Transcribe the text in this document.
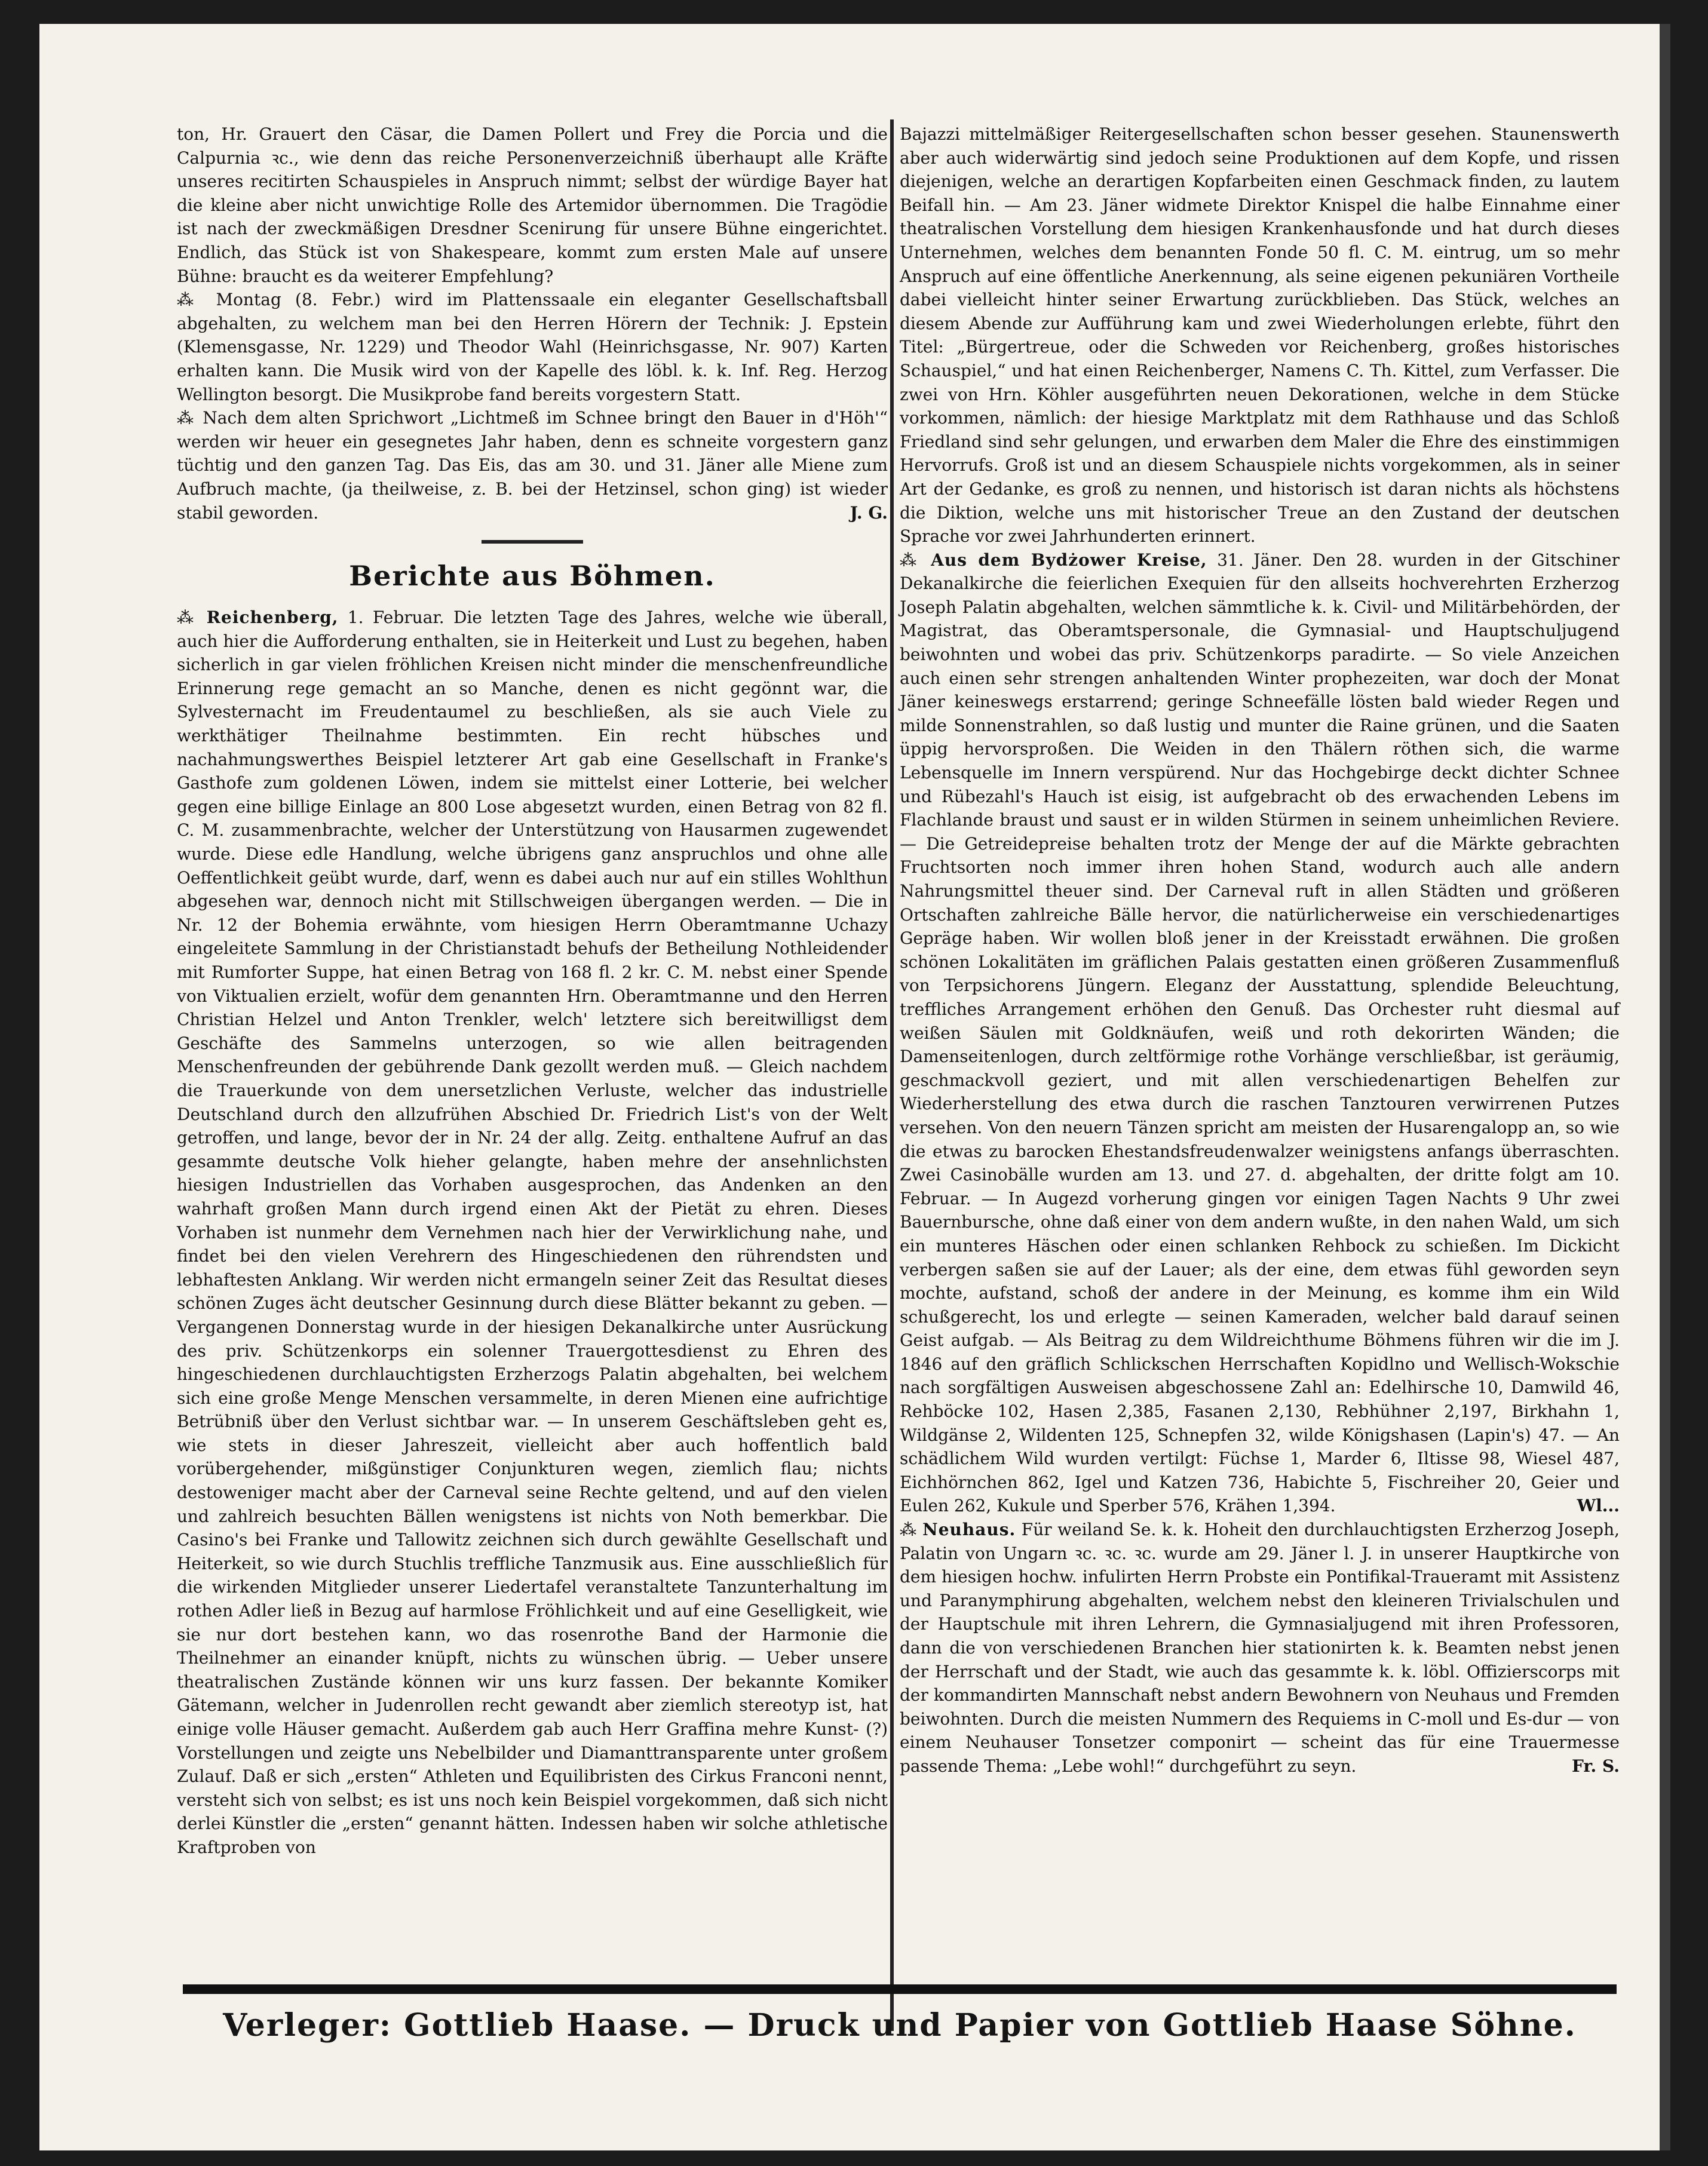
ton, Hr. Grauert den Cäsar, die Damen Pollert und Frey die Porcia und die Calpurnia ꝛc., wie denn das reiche Personenverzeichniß überhaupt alle Kräfte unseres recitirten Schauspieles in Anspruch nimmt; selbst der würdige Bayer hat die kleine aber nicht unwichtige Rolle des Artemidor übernommen. Die Tragödie ist nach der zweckmäßigen Dresdner Scenirung für unsere Bühne eingerichtet. Endlich, das Stück ist von Shakespeare, kommt zum ersten Male auf unsere Bühne: braucht es da weiterer Empfehlung?

⁂ Montag (8. Febr.) wird im Plattenssaale ein eleganter Gesellschaftsball abgehalten, zu welchem man bei den Herren Hörern der Technik: J. Epstein (Klemensgasse, Nr. 1229) und Theodor Wahl (Heinrichsgasse, Nr. 907) Karten erhalten kann. Die Musik wird von der Kapelle des löbl. k. k. Inf. Reg. Herzog Wellington besorgt. Die Musikprobe fand bereits vorgestern Statt.

⁂ Nach dem alten Sprichwort „Lichtmeß im Schnee bringt den Bauer in d'Höh'“ werden wir heuer ein gesegnetes Jahr haben, denn es schneite vorgestern ganz tüchtig und den ganzen Tag. Das Eis, das am 30. und 31. Jäner alle Miene zum Aufbruch machte, (ja theilweise, z. B. bei der Hetzinsel, schon ging) ist wieder stabil geworden.	J. G.

Berichte aus Böhmen.

⁂ Reichenberg, 1. Februar. Die letzten Tage des Jahres, welche wie überall, auch hier die Aufforderung enthalten, sie in Heiterkeit und Lust zu begehen, haben sicherlich in gar vielen fröhlichen Kreisen nicht minder die menschenfreundliche Erinnerung rege gemacht an so Manche, denen es nicht gegönnt war, die Sylvesternacht im Freudentaumel zu beschließen, als sie auch Viele zu werkthätiger Theilnahme bestimmten. Ein recht hübsches und nachahmungswerthes Beispiel letzterer Art gab eine Gesellschaft in Franke's Gasthofe zum goldenen Löwen, indem sie mittelst einer Lotterie, bei welcher gegen eine billige Einlage an 800 Lose abgesetzt wurden, einen Betrag von 82 fl. C. M. zusammenbrachte, welcher der Unterstützung von Hausarmen zugewendet wurde. Diese edle Handlung, welche übrigens ganz anspruchlos und ohne alle Oeffentlichkeit geübt wurde, darf, wenn es dabei auch nur auf ein stilles Wohlthun abgesehen war, dennoch nicht mit Stillschweigen übergangen werden. — Die in Nr. 12 der Bohemia erwähnte, vom hiesigen Herrn Oberamtmanne Uchazy eingeleitete Sammlung in der Christianstadt behufs der Betheilung Nothleidender mit Rumforter Suppe, hat einen Betrag von 168 fl. 2 kr. C. M. nebst einer Spende von Viktualien erzielt, wofür dem genannten Hrn. Oberamtmanne und den Herren Christian Helzel und Anton Trenkler, welch' letztere sich bereitwilligst dem Geschäfte des Sammelns unterzogen, so wie allen beitragenden Menschenfreunden der gebührende Dank gezollt werden muß. — Gleich nachdem die Trauerkunde von dem unersetzlichen Verluste, welcher das industrielle Deutschland durch den allzufrühen Abschied Dr. Friedrich List's von der Welt getroffen, und lange, bevor der in Nr. 24 der allg. Zeitg. enthaltene Aufruf an das gesammte deutsche Volk hieher gelangte, haben mehre der ansehnlichsten hiesigen Industriellen das Vorhaben ausgesprochen, das Andenken an den wahrhaft großen Mann durch irgend einen Akt der Pietät zu ehren. Dieses Vorhaben ist nunmehr dem Vernehmen nach hier der Verwirklichung nahe, und findet bei den vielen Verehrern des Hingeschiedenen den rührendsten und lebhaftesten Anklang. Wir werden nicht ermangeln seiner Zeit das Resultat dieses schönen Zuges ächt deutscher Gesinnung durch diese Blätter bekannt zu geben. — Vergangenen Donnerstag wurde in der hiesigen Dekanalkirche unter Ausrückung des priv. Schützenkorps ein solenner Trauergottesdienst zu Ehren des hingeschiedenen durchlauchtigsten Erzherzogs Palatin abgehalten, bei welchem sich eine große Menge Menschen versammelte, in deren Mienen eine aufrichtige Betrübniß über den Verlust sichtbar war. — In unserem Geschäftsleben geht es, wie stets in dieser Jahreszeit, vielleicht aber auch hoffentlich bald vorübergehender, mißgünstiger Conjunkturen wegen, ziemlich flau; nichts destoweniger macht aber der Carneval seine Rechte geltend, und auf den vielen und zahlreich besuchten Bällen wenigstens ist nichts von Noth bemerkbar. Die Casino's bei Franke und Tallowitz zeichnen sich durch gewählte Gesellschaft und Heiterkeit, so wie durch Stuchlis treffliche Tanzmusik aus. Eine ausschließlich für die wirkenden Mitglieder unserer Liedertafel veranstaltete Tanzunterhaltung im rothen Adler ließ in Bezug auf harmlose Fröhlichkeit und auf eine Geselligkeit, wie sie nur dort bestehen kann, wo das rosenrothe Band der Harmonie die Theilnehmer an einander knüpft, nichts zu wünschen übrig. — Ueber unsere theatralischen Zustände können wir uns kurz fassen. Der bekannte Komiker Gätemann, welcher in Judenrollen recht gewandt aber ziemlich stereotyp ist, hat einige volle Häuser gemacht. Außerdem gab auch Herr Graffina mehre Kunst- (?) Vorstellungen und zeigte uns Nebelbilder und Diamanttransparente unter großem Zulauf. Daß er sich „ersten“ Athleten und Equilibristen des Cirkus Franconi nennt, versteht sich von selbst; es ist uns noch kein Beispiel vorgekommen, daß sich nicht derlei Künstler die „ersten“ genannt hätten. Indessen haben wir solche athletische Kraftproben von

Bajazzi mittelmäßiger Reitergesellschaften schon besser gesehen. Staunenswerth aber auch widerwärtig sind jedoch seine Produktionen auf dem Kopfe, und rissen diejenigen, welche an derartigen Kopfarbeiten einen Geschmack finden, zu lautem Beifall hin. — Am 23. Jäner widmete Direktor Knispel die halbe Einnahme einer theatralischen Vorstellung dem hiesigen Krankenhausfonde und hat durch dieses Unternehmen, welches dem benannten Fonde 50 fl. C. M. eintrug, um so mehr Anspruch auf eine öffentliche Anerkennung, als seine eigenen pekuniären Vortheile dabei vielleicht hinter seiner Erwartung zurückblieben. Das Stück, welches an diesem Abende zur Aufführung kam und zwei Wiederholungen erlebte, führt den Titel: „Bürgertreue, oder die Schweden vor Reichenberg, großes historisches Schauspiel,“ und hat einen Reichenberger, Namens C. Th. Kittel, zum Verfasser. Die zwei von Hrn. Köhler ausgeführten neuen Dekorationen, welche in dem Stücke vorkommen, nämlich: der hiesige Marktplatz mit dem Rathhause und das Schloß Friedland sind sehr gelungen, und erwarben dem Maler die Ehre des einstimmigen Hervorrufs. Groß ist und an diesem Schauspiele nichts vorgekommen, als in seiner Art der Gedanke, es groß zu nennen, und historisch ist daran nichts als höchstens die Diktion, welche uns mit historischer Treue an den Zustand der deutschen Sprache vor zwei Jahrhunderten erinnert.

⁂ Aus dem Bydżower Kreise, 31. Jäner. Den 28. wurden in der Gitschiner Dekanalkirche die feierlichen Exequien für den allseits hochverehrten Erzherzog Joseph Palatin abgehalten, welchen sämmtliche k. k. Civil- und Militärbehörden, der Magistrat, das Oberamtspersonale, die Gymnasial- und Hauptschuljugend beiwohnten und wobei das priv. Schützenkorps paradirte. — So viele Anzeichen auch einen sehr strengen anhaltenden Winter prophezeiten, war doch der Monat Jäner keineswegs erstarrend; geringe Schneefälle lösten bald wieder Regen und milde Sonnenstrahlen, so daß lustig und munter die Raine grünen, und die Saaten üppig hervorsproßen. Die Weiden in den Thälern röthen sich, die warme Lebensquelle im Innern verspürend. Nur das Hochgebirge deckt dichter Schnee und Rübezahl's Hauch ist eisig, ist aufgebracht ob des erwachenden Lebens im Flachlande braust und saust er in wilden Stürmen in seinem unheimlichen Reviere. — Die Getreidepreise behalten trotz der Menge der auf die Märkte gebrachten Fruchtsorten noch immer ihren hohen Stand, wodurch auch alle andern Nahrungsmittel theuer sind. Der Carneval ruft in allen Städten und größeren Ortschaften zahlreiche Bälle hervor, die natürlicherweise ein verschiedenartiges Gepräge haben. Wir wollen bloß jener in der Kreisstadt erwähnen. Die großen schönen Lokalitäten im gräflichen Palais gestatten einen größeren Zusammenfluß von Terpsichorens Jüngern. Eleganz der Ausstattung, splendide Beleuchtung, treffliches Arrangement erhöhen den Genuß. Das Orchester ruht diesmal auf weißen Säulen mit Goldknäufen, weiß und roth dekorirten Wänden; die Damenseitenlogen, durch zeltförmige rothe Vorhänge verschließbar, ist geräumig, geschmackvoll geziert, und mit allen verschiedenartigen Behelfen zur Wiederherstellung des etwa durch die raschen Tanztouren verwirrenen Putzes versehen. Von den neuern Tänzen spricht am meisten der Husarengalopp an, so wie die etwas zu barocken Ehestandsfreudenwalzer weinigstens anfangs überraschten. Zwei Casinobälle wurden am 13. und 27. d. abgehalten, der dritte folgt am 10. Februar. — In Augezd vorherung gingen vor einigen Tagen Nachts 9 Uhr zwei Bauernbursche, ohne daß einer von dem andern wußte, in den nahen Wald, um sich ein munteres Häschen oder einen schlanken Rehbock zu schießen. Im Dickicht verbergen saßen sie auf der Lauer; als der eine, dem etwas fühl geworden seyn mochte, aufstand, schoß der andere in der Meinung, es komme ihm ein Wild schußgerecht, los und erlegte — seinen Kameraden, welcher bald darauf seinen Geist aufgab. — Als Beitrag zu dem Wildreichthume Böhmens führen wir die im J. 1846 auf den gräflich Schlickschen Herrschaften Kopidlno und Wellisch-Wokschie nach sorgfältigen Ausweisen abgeschossene Zahl an: Edelhirsche 10, Damwild 46, Rehböcke 102, Hasen 2,385, Fasanen 2,130, Rebhühner 2,197, Birkhahn 1, Wildgänse 2, Wildenten 125, Schnepfen 32, wilde Königshasen (Lapin's) 47. — An schädlichem Wild wurden vertilgt: Füchse 1, Marder 6, Iltisse 98, Wiesel 487, Eichhörnchen 862, Igel und Katzen 736, Habichte 5, Fischreiher 20, Geier und Eulen 262, Kukule und Sperber 576, Krähen 1,394.	Wl...

⁂ Neuhaus. Für weiland Se. k. k. Hoheit den durchlauchtigsten Erzherzog Joseph, Palatin von Ungarn ꝛc. ꝛc. ꝛc. wurde am 29. Jäner l. J. in unserer Hauptkirche von dem hiesigen hochw. infulirten Herrn Probste ein Pontifikal-Traueramt mit Assistenz und Paranymphirung abgehalten, welchem nebst den kleineren Trivialschulen und der Hauptschule mit ihren Lehrern, die Gymnasialjugend mit ihren Professoren, dann die von verschiedenen Branchen hier stationirten k. k. Beamten nebst jenen der Herrschaft und der Stadt, wie auch das gesammte k. k. löbl. Offizierscorps mit der kommandirten Mannschaft nebst andern Bewohnern von Neuhaus und Fremden beiwohnten. Durch die meisten Nummern des Requiems in C-moll und Es-dur — von einem Neuhauser Tonsetzer componirt — scheint das für eine Trauermesse passende Thema: „Lebe wohl!“ durchgeführt zu seyn.	Fr. S.

Verleger: Gottlieb Haase. — Druck und Papier von Gottlieb Haase Söhne.
